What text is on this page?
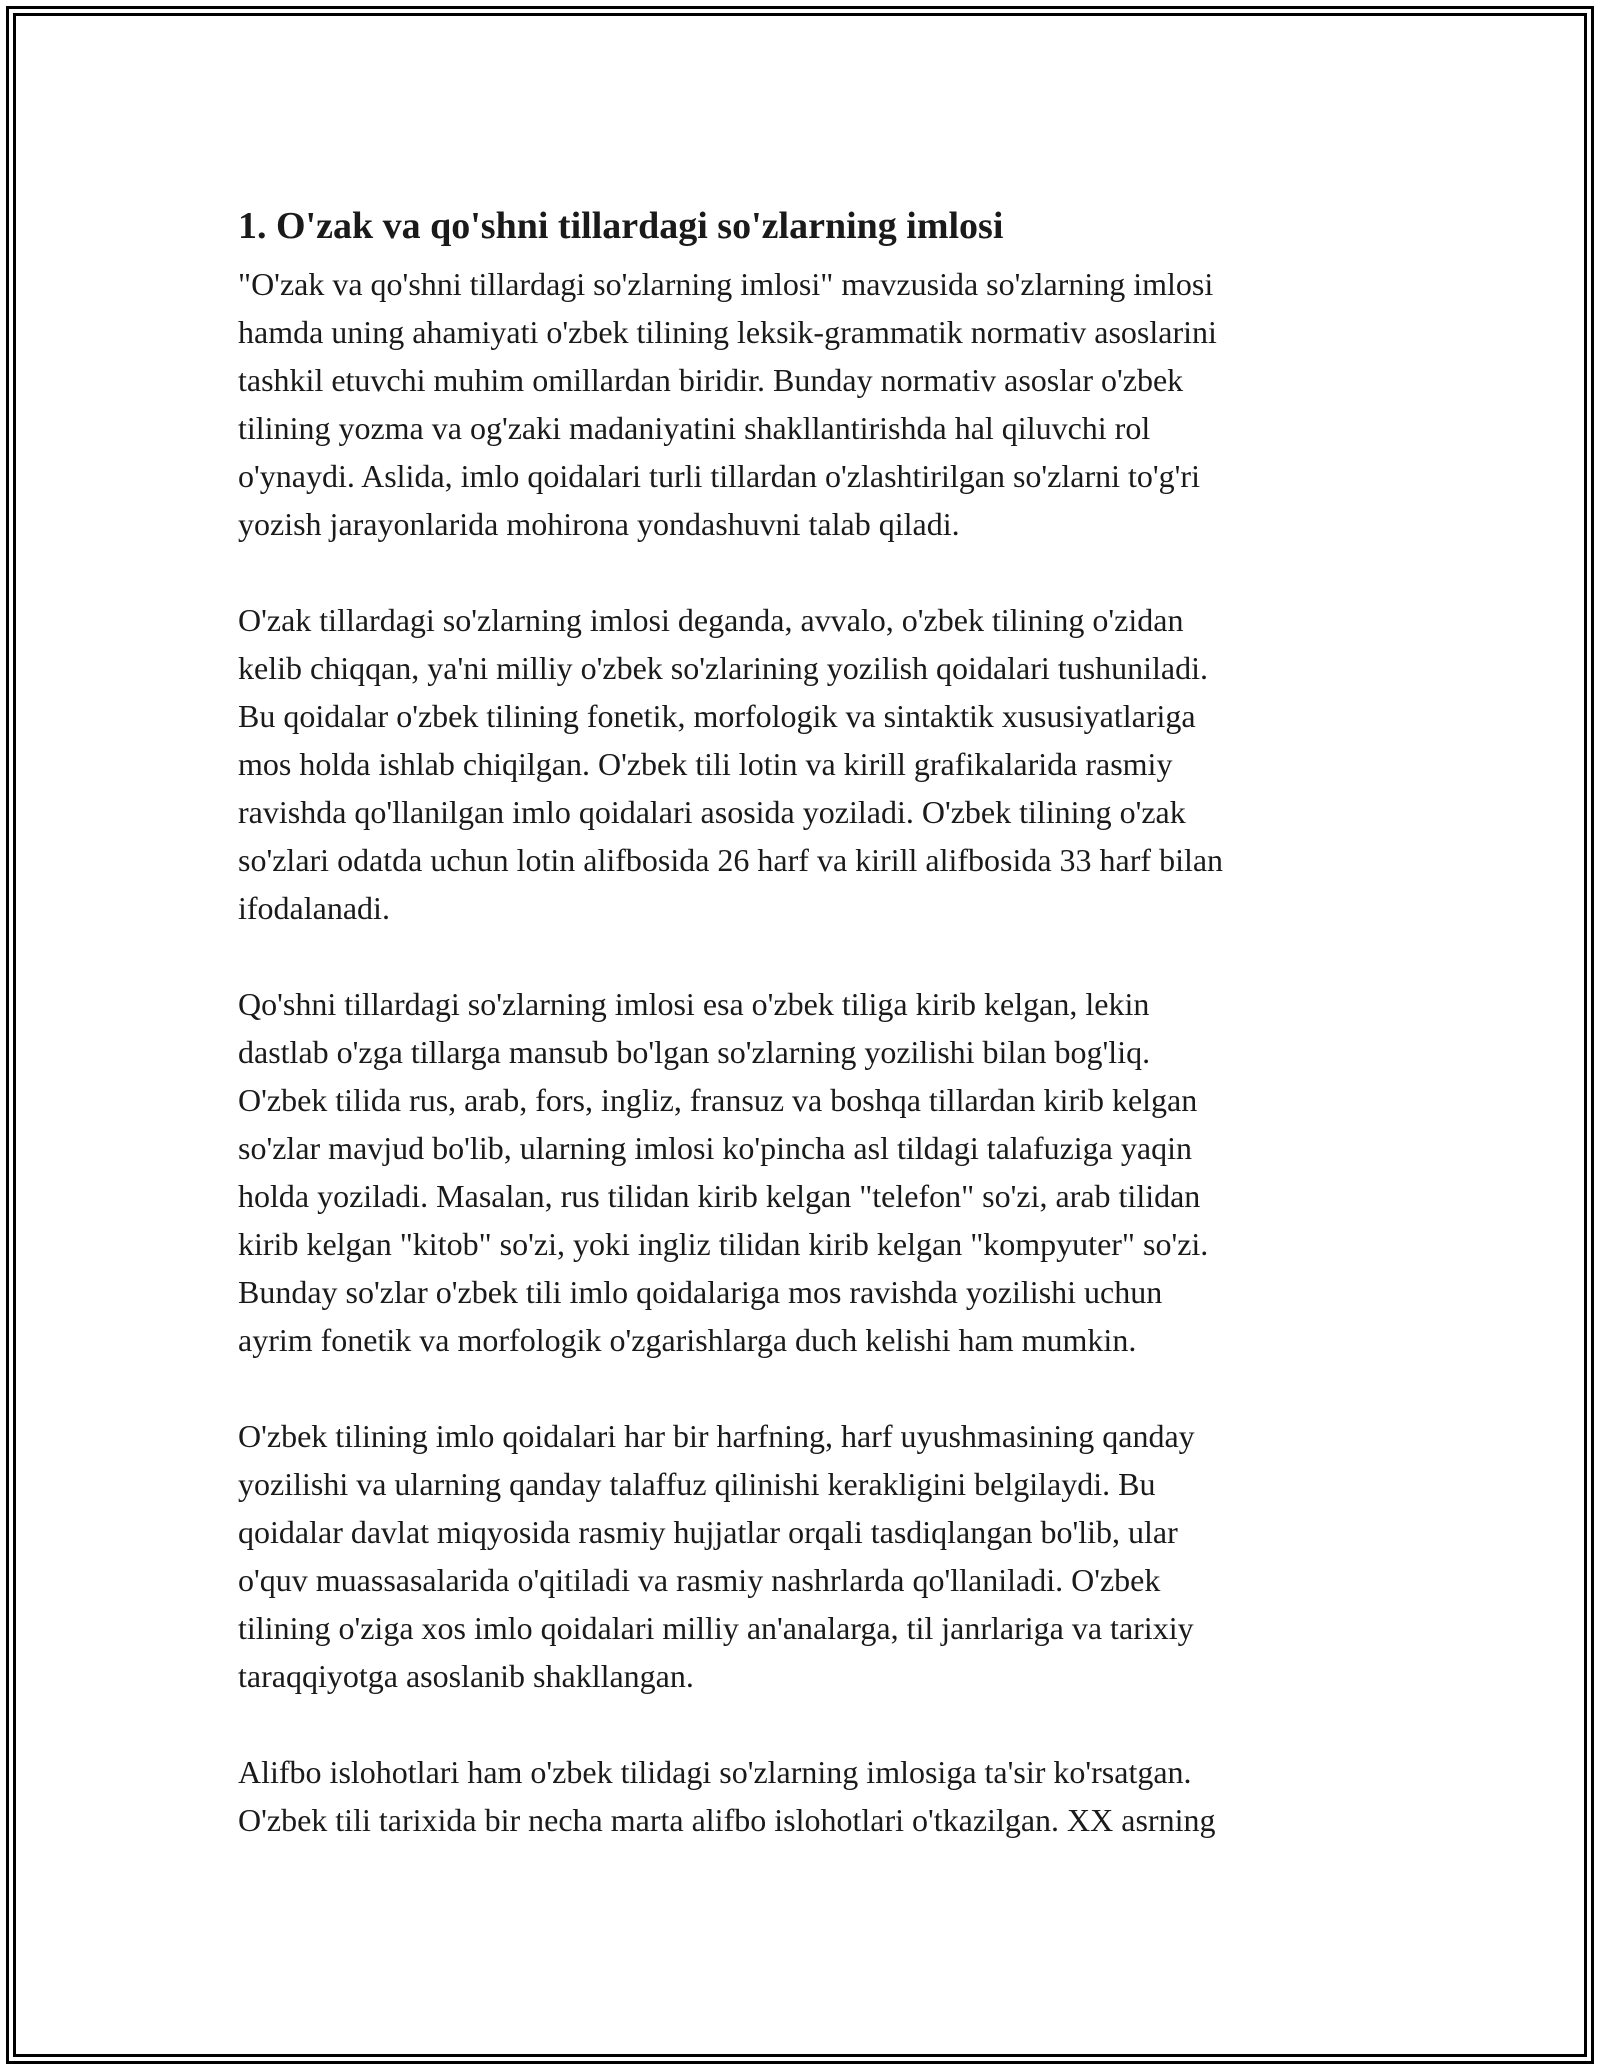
1. O'zak va qo'shni tillardagi so'zlarning imlosi

"O'zak va qo'shni tillardagi so'zlarning imlosi" mavzusida so'zlarning imlosi
hamda uning ahamiyati o'zbek tilining leksik-grammatik normativ asoslarini
tashkil etuvchi muhim omillardan biridir. Bunday normativ asoslar o'zbek
tilining yozma va og'zaki madaniyatini shakllantirishda hal qiluvchi rol
o'ynaydi. Aslida, imlo qoidalari turli tillardan o'zlashtirilgan so'zlarni to'g'ri
yozish jarayonlarida mohirona yondashuvni talab qiladi.

O'zak tillardagi so'zlarning imlosi deganda, avvalo, o'zbek tilining o'zidan
kelib chiqqan, ya'ni milliy o'zbek so'zlarining yozilish qoidalari tushuniladi.
Bu qoidalar o'zbek tilining fonetik, morfologik va sintaktik xususiyatlariga
mos holda ishlab chiqilgan. O'zbek tili lotin va kirill grafikalarida rasmiy
ravishda qo'llanilgan imlo qoidalari asosida yoziladi. O'zbek tilining o'zak
so'zlari odatda uchun lotin alifbosida 26 harf va kirill alifbosida 33 harf bilan
ifodalanadi.

Qo'shni tillardagi so'zlarning imlosi esa o'zbek tiliga kirib kelgan, lekin
dastlab o'zga tillarga mansub bo'lgan so'zlarning yozilishi bilan bog'liq.
O'zbek tilida rus, arab, fors, ingliz, fransuz va boshqa tillardan kirib kelgan
so'zlar mavjud bo'lib, ularning imlosi ko'pincha asl tildagi talafuziga yaqin
holda yoziladi. Masalan, rus tilidan kirib kelgan "telefon" so'zi, arab tilidan
kirib kelgan "kitob" so'zi, yoki ingliz tilidan kirib kelgan "kompyuter" so'zi.
Bunday so'zlar o'zbek tili imlo qoidalariga mos ravishda yozilishi uchun
ayrim fonetik va morfologik o'zgarishlarga duch kelishi ham mumkin.

O'zbek tilining imlo qoidalari har bir harfning, harf uyushmasining qanday
yozilishi va ularning qanday talaffuz qilinishi kerakligini belgilaydi. Bu
qoidalar davlat miqyosida rasmiy hujjatlar orqali tasdiqlangan bo'lib, ular
o'quv muassasalarida o'qitiladi va rasmiy nashrlarda qo'llaniladi. O'zbek
tilining o'ziga xos imlo qoidalari milliy an'analarga, til janrlariga va tarixiy
taraqqiyotga asoslanib shakllangan.

Alifbo islohotlari ham o'zbek tilidagi so'zlarning imlosiga ta'sir ko'rsatgan.
O'zbek tili tarixida bir necha marta alifbo islohotlari o'tkazilgan. XX asrning
